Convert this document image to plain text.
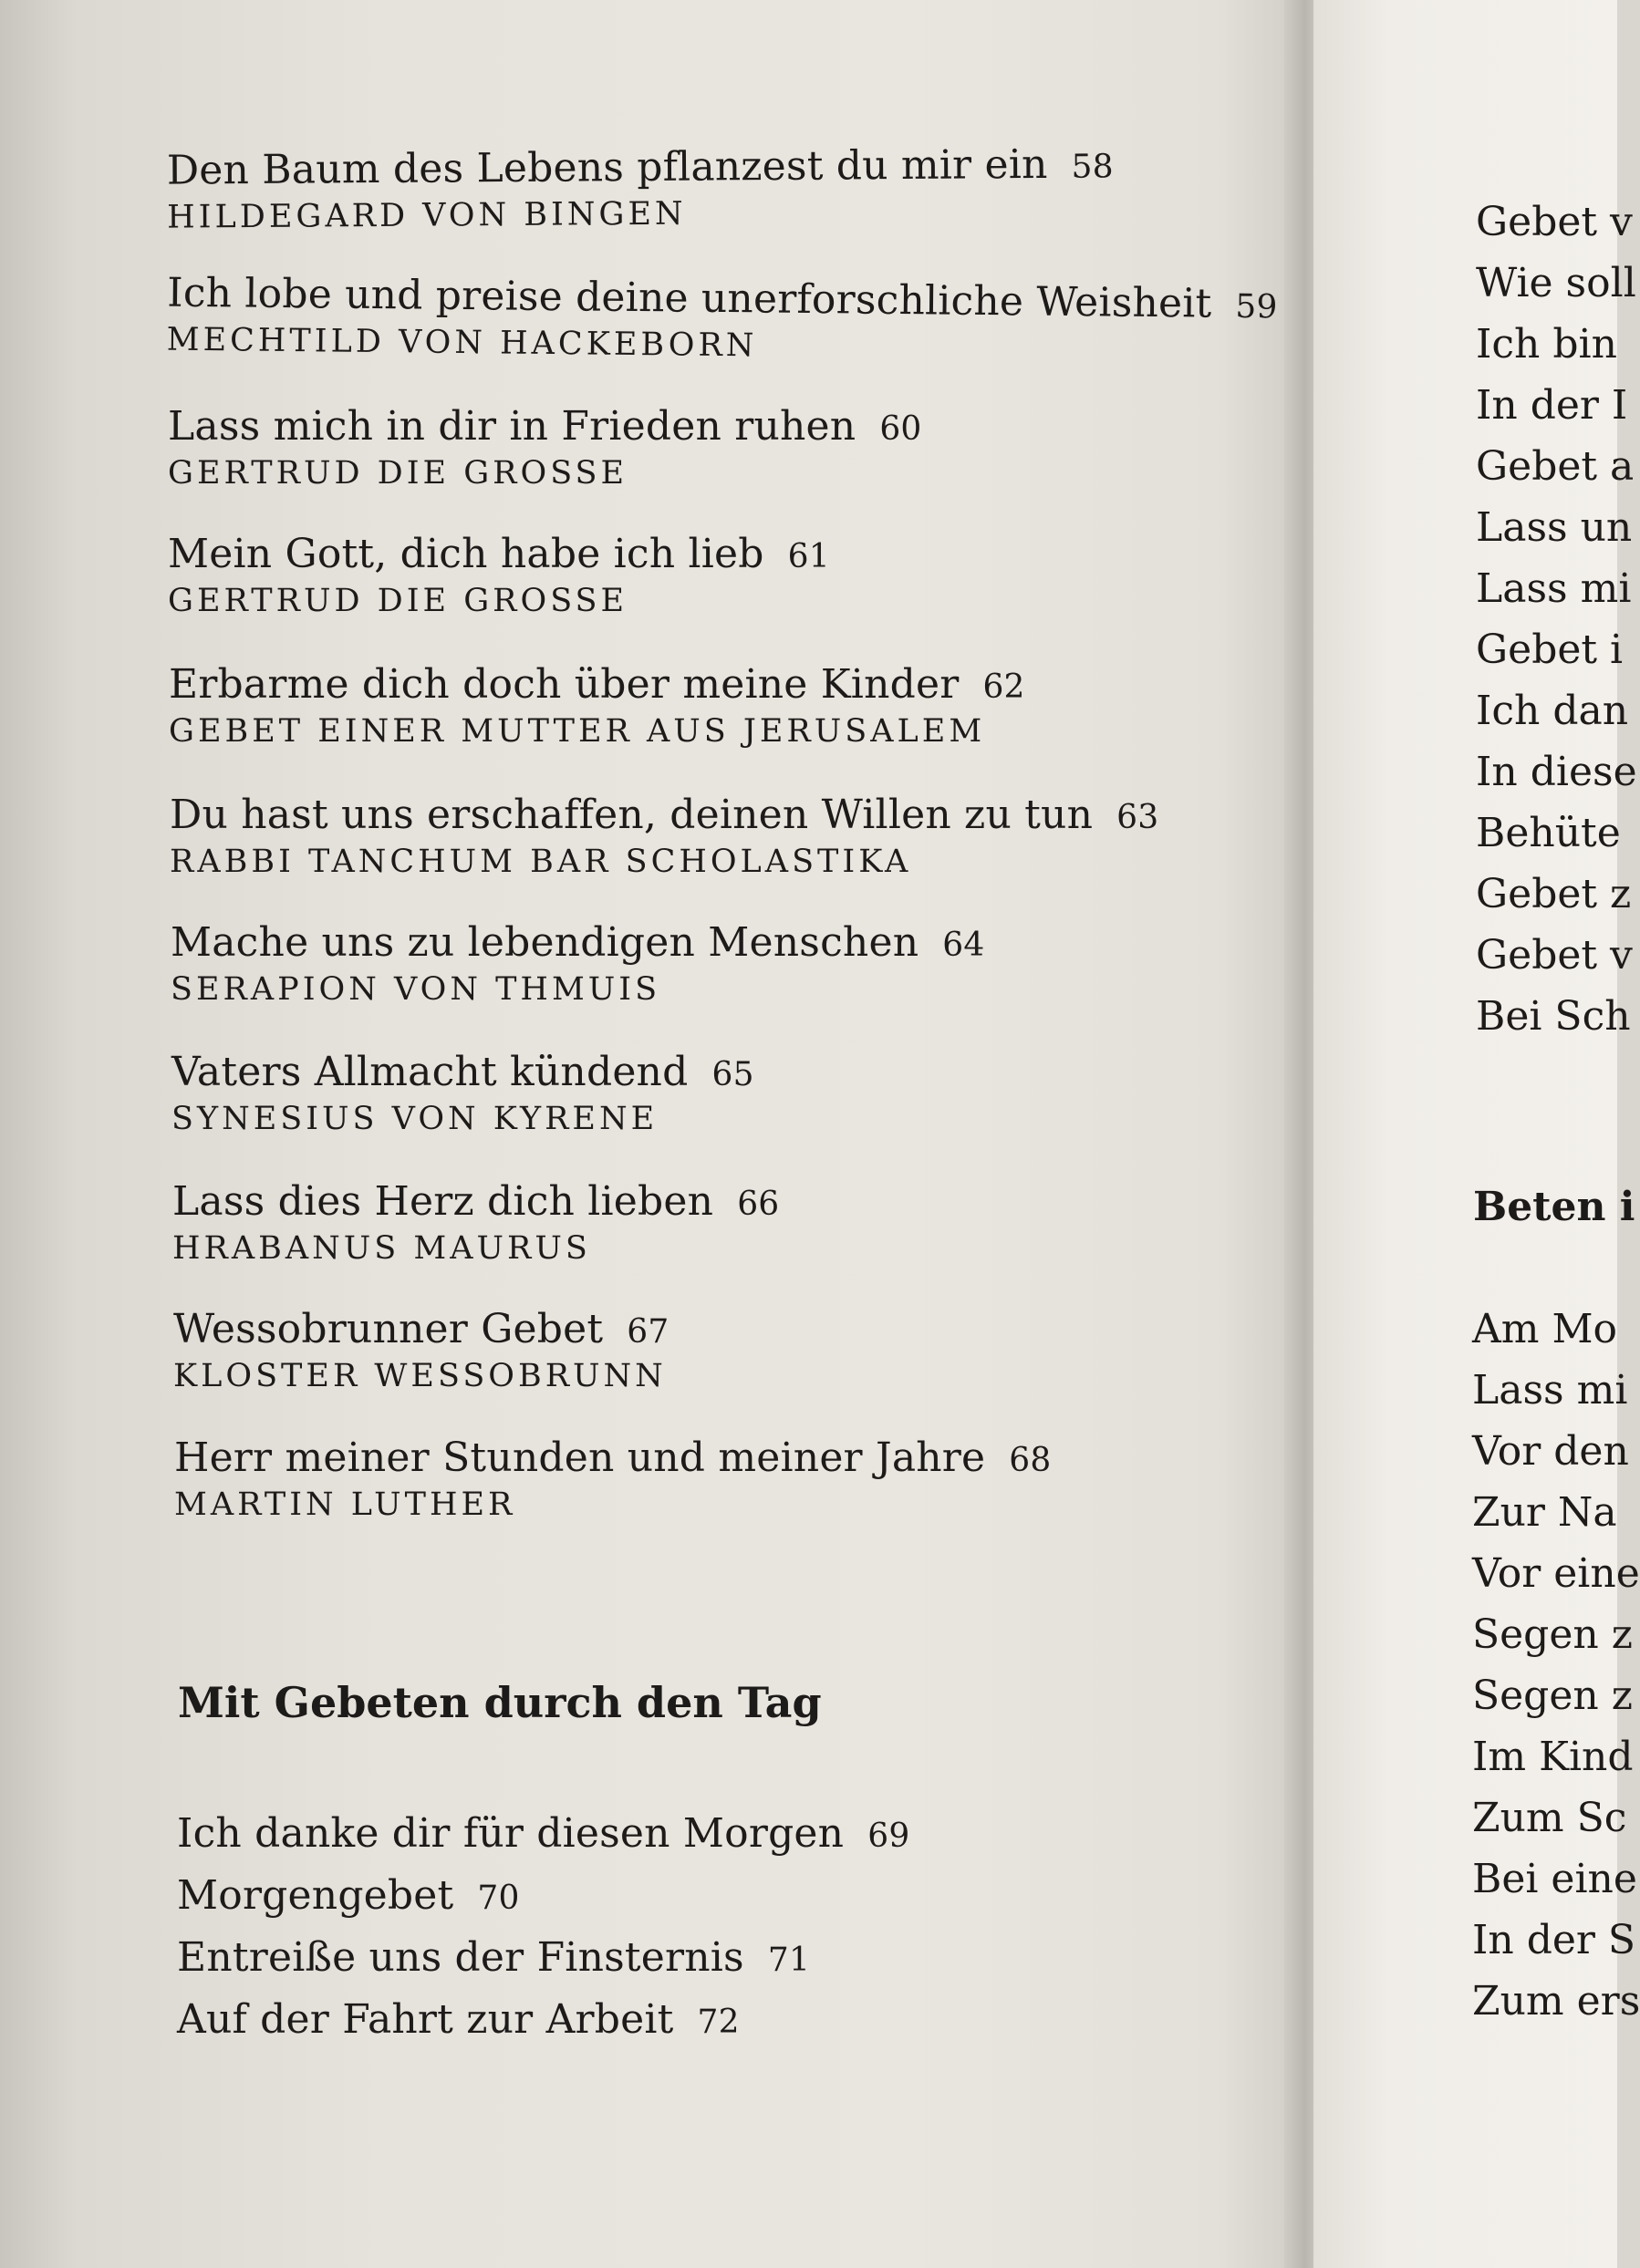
Den Baum des Lebens pflanzest du mir ein 58
HILDEGARD VON BINGEN
Ich lobe und preise deine unerforschliche Weisheit 59
MECHTILD VON HACKEBORN
Lass mich in dir in Frieden ruhen 60
GERTRUD DIE GROSSE
Mein Gott, dich habe ich lieb 61
GERTRUD DIE GROSSE
Erbarme dich doch über meine Kinder 62
GEBET EINER MUTTER AUS JERUSALEM
Du hast uns erschaffen, deinen Willen zu tun 63
RABBI TANCHUM BAR SCHOLASTIKA
Mache uns zu lebendigen Menschen 64
SERAPION VON THMUIS
Vaters Allmacht kündend 65
SYNESIUS VON KYRENE
Lass dies Herz dich lieben 66
HRABANUS MAURUS
Wessobrunner Gebet 67
KLOSTER WESSOBRUNN
Herr meiner Stunden und meiner Jahre 68
MARTIN LUTHER
Mit Gebeten durch den Tag
Ich danke dir für diesen Morgen 69
Morgengebet 70
Entreiße uns der Finsternis 71
Auf der Fahrt zur Arbeit 72
Gebet v
Wie soll
Ich bin
In der I
Gebet a
Lass un
Lass mi
Gebet i
Ich dan
In diese
Behüte
Gebet z
Gebet v
Bei Sch
Beten i
Am Mo
Lass mi
Vor den
Zur Na
Vor eine
Segen z
Segen z
Im Kind
Zum Sc
Bei eine
In der S
Zum ers
